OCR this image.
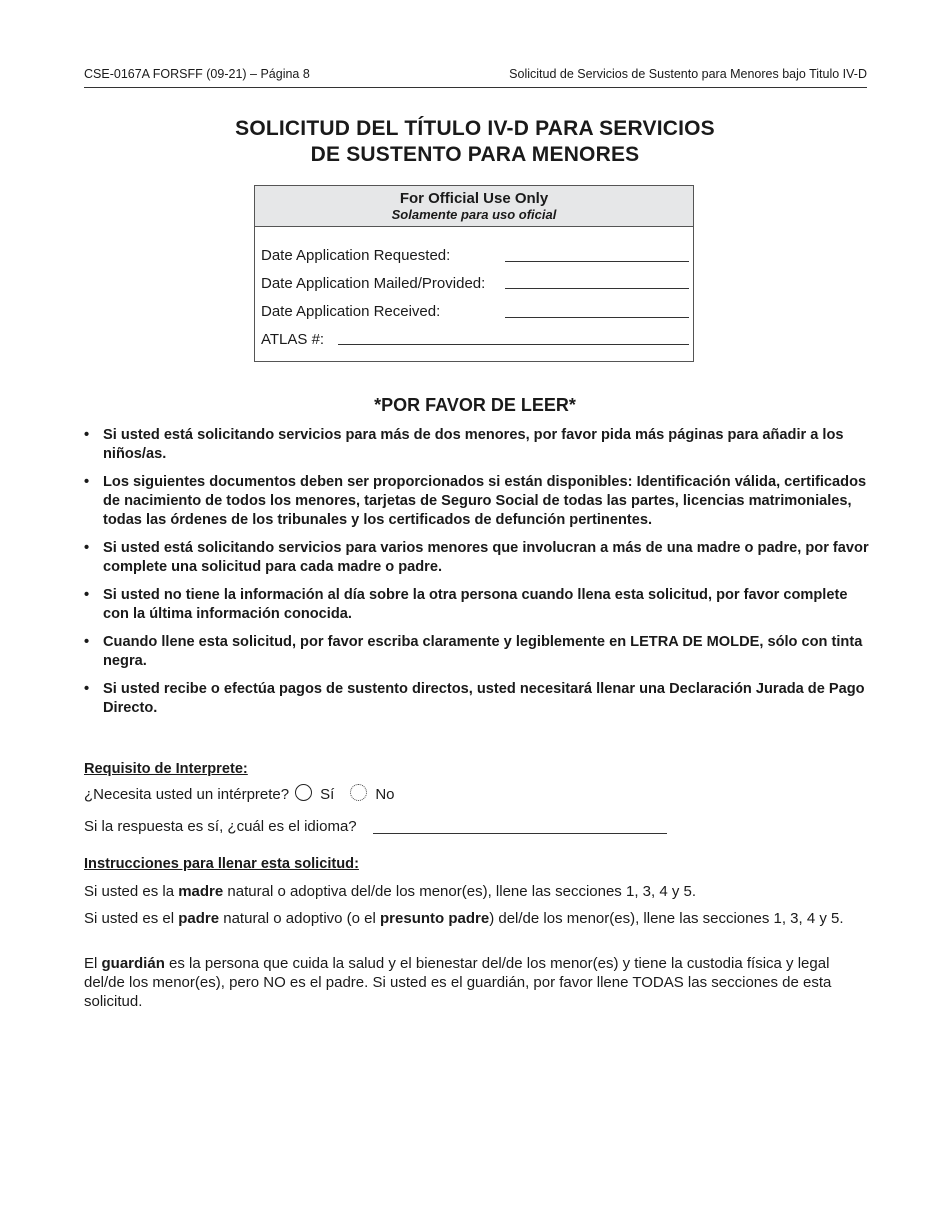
CSE-0167A FORSFF (09-21) – Página 8	Solicitud de Servicios de Sustento para Menores bajo Titulo IV-D
SOLICITUD DEL TÍTULO IV-D PARA SERVICIOS
DE SUSTENTO PARA MENORES
For Official Use Only
Solamente para uso oficial
Date Application Requested:
Date Application Mailed/Provided:
Date Application Received:
ATLAS #:
*POR FAVOR DE LEER*
• Si usted está solicitando servicios para más de dos menores, por favor pida más páginas para añadir a los niños/as.
• Los siguientes documentos deben ser proporcionados si están disponibles: Identificación válida, certificados de nacimiento de todos los menores, tarjetas de Seguro Social de todas las partes, licencias matrimoniales, todas las órdenes de los tribunales y los certificados de defunción pertinentes.
• Si usted está solicitando servicios para varios menores que involucran a más de una madre o padre, por favor complete una solicitud para cada madre o padre.
• Si usted no tiene la información al día sobre la otra persona cuando llena esta solicitud, por favor complete con la última información conocida.
• Cuando llene esta solicitud, por favor escriba claramente y legiblemente en LETRA DE MOLDE, sólo con tinta negra.
• Si usted recibe o efectúa pagos de sustento directos, usted necesitará llenar una Declaración Jurada de Pago Directo.
Requisito de Interprete:
¿Necesita usted un intérprete? Sí	No
Si la respuesta es sí, ¿cuál es el idioma?
Instrucciones para llenar esta solicitud:
Si usted es la madre natural o adoptiva del/de los menor(es), llene las secciones 1, 3, 4 y 5.
Si usted es el padre natural o adoptivo (o el presunto padre) del/de los menor(es), llene las secciones 1, 3, 4 y 5.
El guardián es la persona que cuida la salud y el bienestar del/de los menor(es) y tiene la custodia física y legal del/de los menor(es), pero NO es el padre. Si usted es el guardián, por favor llene TODAS las secciones de esta solicitud.
